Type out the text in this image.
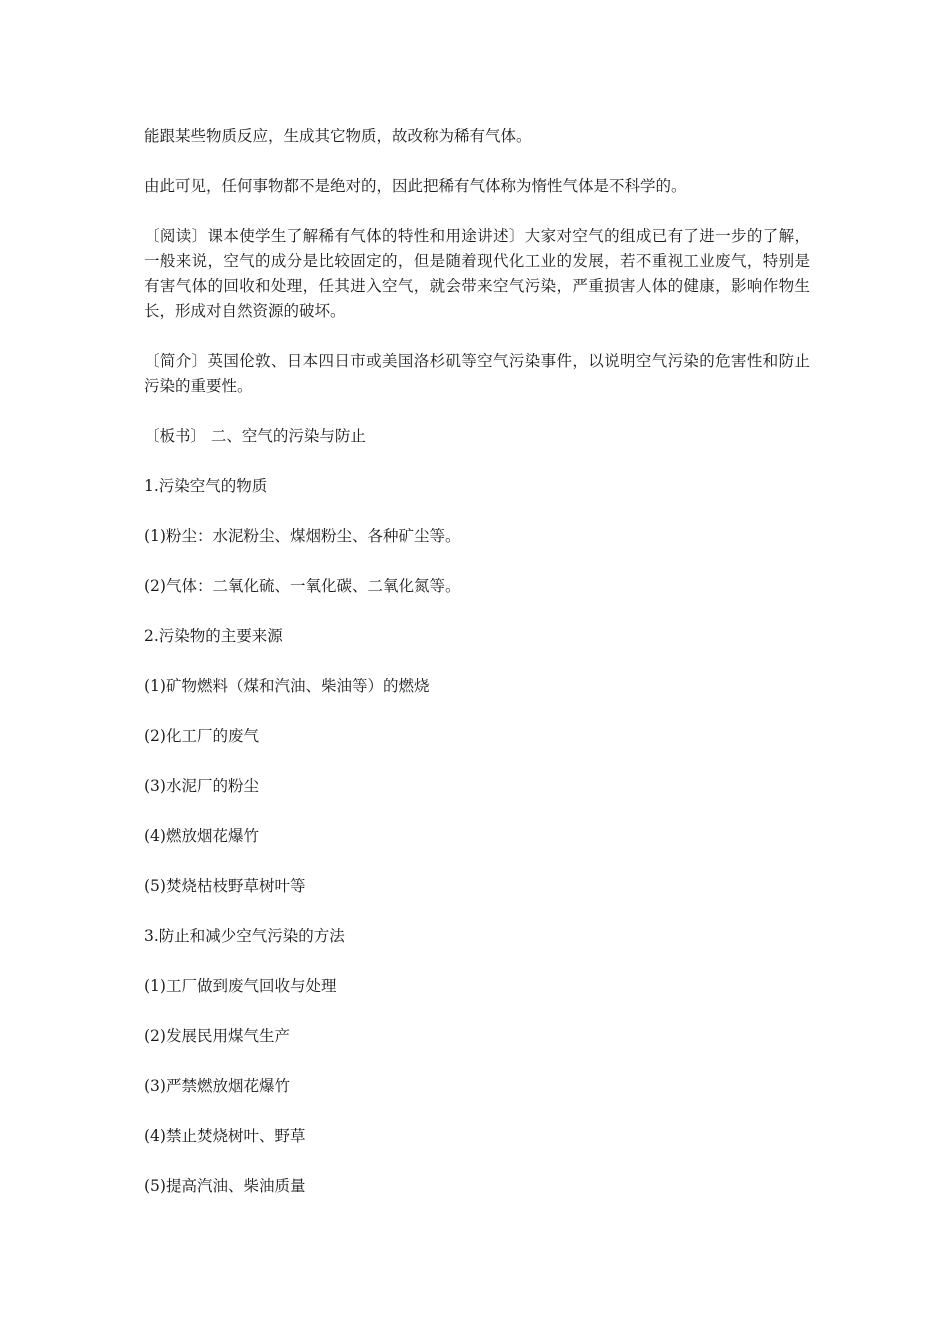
能跟某些物质反应，生成其它物质，故改称为稀有气体。

由此可见，任何事物都不是绝对的，因此把稀有气体称为惰性气体是不科学的。

〔阅读〕课本使学生了解稀有气体的特性和用途讲述〕大家对空气的组成已有了进一步的了解，一般来说，空气的成分是比较固定的，但是随着现代化工业的发展，若不重视工业废气，特别是有害气体的回收和处理，任其进入空气，就会带来空气污染，严重损害人体的健康，影响作物生长，形成对自然资源的破坏。

〔简介〕英国伦敦、日本四日市或美国洛杉矶等空气污染事件，以说明空气污染的危害性和防止污染的重要性。

〔板书〕 二、空气的污染与防止

1.污染空气的物质

(1)粉尘：水泥粉尘、煤烟粉尘、各种矿尘等。

(2)气体：二氧化硫、一氧化碳、二氧化氮等。

2.污染物的主要来源

(1)矿物燃料（煤和汽油、柴油等）的燃烧

(2)化工厂的废气

(3)水泥厂的粉尘

(4)燃放烟花爆竹

(5)焚烧枯枝野草树叶等

3.防止和减少空气污染的方法

(1)工厂做到废气回收与处理

(2)发展民用煤气生产

(3)严禁燃放烟花爆竹

(4)禁止焚烧树叶、野草

(5)提高汽油、柴油质量
